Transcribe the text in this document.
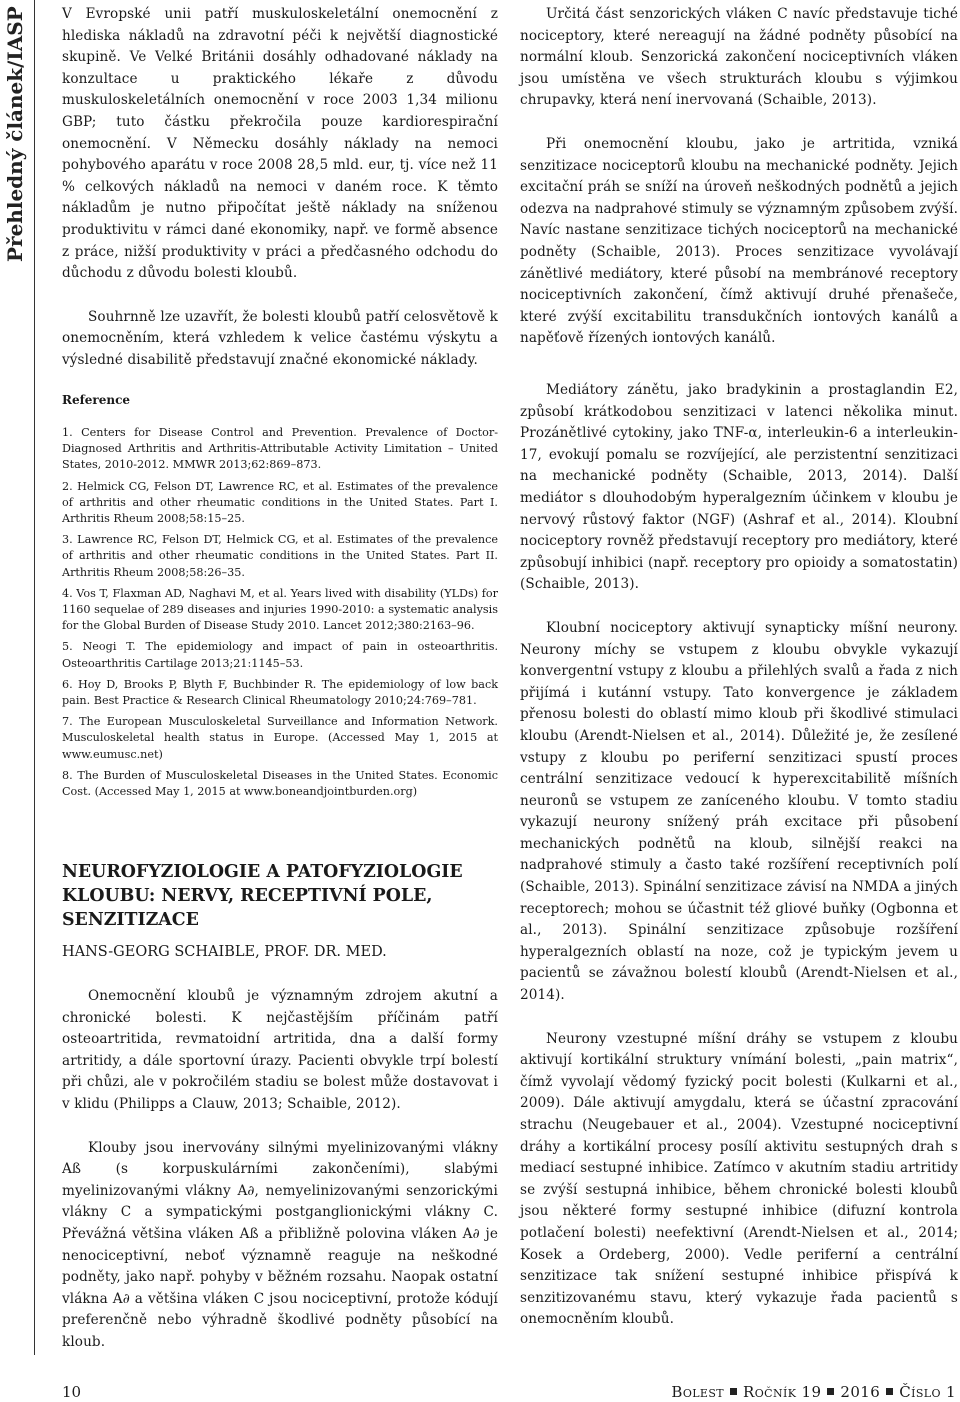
Přehledný článek/IASP	V Evropské unii patří muskuloskeletální onemocnění z hlediska nákladů na zdravotní péči k největší diagnostické skupině. Ve Velké Británii dosáhly odhadované náklady na konzultace u praktického lékaře z důvodu muskuloskeletálních onemocnění v roce 2003 1,34 milionu GBP; tuto částku překročila pouze kardiorespirační onemocnění. V Německu dosáhly náklady na nemoci pohybového aparátu v roce 2008 28,5 mld. eur, tj. více než 11 % celkových nákladů na nemoci v daném roce. K těmto nákladům je nutno připočítat ještě náklady na sníženou produktivitu v rámci dané ekonomiky, např. ve formě absence z práce, nižší produktivity v práci a předčasného odchodu do důchodu z důvodu bolesti kloubů.

Souhrnně lze uzavřít, že bolesti kloubů patří celosvětově k onemocněním, která vzhledem k velice častému výskytu a výsledné disabilitě představují značné ekonomické náklady.

Reference

1. Centers for Disease Control and Prevention. Prevalence of Doctor-Diagnosed Arthritis and Arthritis-Attributable Activity Limitation – United States, 2010-2012. MMWR 2013;62:869–873.

2. Helmick CG, Felson DT, Lawrence RC, et al. Estimates of the prevalence of arthritis and other rheumatic conditions in the United States. Part I. Arthritis Rheum 2008;58:15–25.

3. Lawrence RC, Felson DT, Helmick CG, et al. Estimates of the prevalence of arthritis and other rheumatic conditions in the United States. Part II. Arthritis Rheum 2008;58:26–35.

4. Vos T, Flaxman AD, Naghavi M, et al. Years lived with disability (YLDs) for 1160 sequelae of 289 diseases and injuries 1990-2010: a systematic analysis for the Global Burden of Disease Study 2010. Lancet 2012;380:2163–96.

5. Neogi T. The epidemiology and impact of pain in osteoarthritis. Osteoarthritis Cartilage 2013;21:1145–53.

6. Hoy D, Brooks P, Blyth F, Buchbinder R. The epidemiology of low back pain. Best Practice & Research Clinical Rheumatology 2010;24:769–781.

7. The European Musculoskeletal Surveillance and Information Network. Musculoskeletal health status in Europe. (Accessed May 1, 2015 at www.eumusc.net)

8. The Burden of Musculoskeletal Diseases in the United States. Economic Cost. (Accessed May 1, 2015 at www.boneandjointburden.org)

NEUROFYZIOLOGIE A PATOFYZIOLOGIE KLOUBU: NERVY, RECEPTIVNÍ POLE, SENZITIZACE

HANS-GEORG SCHAIBLE, PROF. DR. MED.

Onemocnění kloubů je významným zdrojem akutní a chronické bolesti. K nejčastějším příčinám patří osteoartritida, revmatoidní artritida, dna a další formy artritidy, a dále sportovní úrazy. Pacienti obvykle trpí bolestí při chůzi, ale v pokročilém stadiu se bolest může dostavovat i v klidu (Philipps a Clauw, 2013; Schaible, 2012).

Klouby jsou inervovány silnými myelinizovanými vlákny Aß (s korpuskulárními zakončeními), slabými myelinizovanými vlákny A∂, nemyelinizovanými senzorickými vlákny C a sympatickými postganglionickými vlákny C. Převážná většina vláken Aß a přibližně polovina vláken A∂ je nenociceptivní, neboť významně reaguje na neškodné podněty, jako např. pohyby v běžném rozsahu. Naopak ostatní vlákna A∂ a většina vláken C jsou nociceptivní, protože kódují preferenčně nebo výhradně škodlivé podněty působící na kloub.

Určitá část senzorických vláken C navíc představuje tiché nociceptory, které nereagují na žádné podněty působící na normální kloub. Senzorická zakončení nociceptivních vláken jsou umístěna ve všech strukturách kloubu s výjimkou chrupavky, která není inervovaná (Schaible, 2013).

Při onemocnění kloubu, jako je artritida, vzniká senzitizace nociceptorů kloubu na mechanické podněty. Jejich excitační práh se sníží na úroveň neškodných podnětů a jejich odezva na nadprahové stimuly se významným způsobem zvýší. Navíc nastane senzitizace tichých nociceptorů na mechanické podněty (Schaible, 2013). Proces senzitizace vyvolávají zánětlivé mediátory, které působí na membránové receptory nociceptivních zakončení, čímž aktivují druhé přenašeče, které zvýší excitabilitu transdukčních iontových kanálů a napěťově řízených iontových kanálů.

Mediátory zánětu, jako bradykinin a prostaglandin E2, způsobí krátkodobou senzitizaci v latenci několika minut. Prozánětlivé cytokiny, jako TNF-α, interleukin-6 a interleukin-17, evokují pomalu se rozvíjející, ale perzistentní senzitizaci na mechanické podněty (Schaible, 2013, 2014). Další mediátor s dlouhodobým hyperalgezním účinkem v kloubu je nervový růstový faktor (NGF) (Ashraf et al., 2014). Kloubní nociceptory rovněž představují receptory pro mediátory, které způsobují inhibici (např. receptory pro opioidy a somatostatin) (Schaible, 2013).

Kloubní nociceptory aktivují synapticky míšní neurony. Neurony míchy se vstupem z kloubu obvykle vykazují konvergentní vstupy z kloubu a přilehlých svalů a řada z nich přijímá i kutánní vstupy. Tato konvergence je základem přenosu bolesti do oblastí mimo kloub při škodlivé stimulaci kloubu (Arendt-Nielsen et al., 2014). Důležité je, že zesílené vstupy z kloubu po periferní senzitizaci spustí proces centrální senzitizace vedoucí k hyperexcitabilitě míšních neuronů se vstupem ze zaníceného kloubu. V tomto stadiu vykazují neurony snížený práh excitace při působení mechanických podnětů na kloub, silnější reakci na nadprahové stimuly a často také rozšíření receptivních polí (Schaible, 2013). Spinální senzitizace závisí na NMDA a jiných receptorech; mohou se účastnit též gliové buňky (Ogbonna et al., 2013). Spinální senzitizace způsobuje rozšíření hyperalgezních oblastí na noze, což je typickým jevem u pacientů se závažnou bolestí kloubů (Arendt-Nielsen et al., 2014).

Neurony vzestupné míšní dráhy se vstupem z kloubu aktivují kortikální struktury vnímání bolesti, „pain matrix“, čímž vyvolají vědomý fyzický pocit bolesti (Kulkarni et al., 2009). Dále aktivují amygdalu, která se účastní zpracování strachu (Neugebauer et al., 2004). Vzestupné nociceptivní dráhy a kortikální procesy posílí aktivitu sestupných drah s mediací sestupné inhibice. Zatímco v akutním stadiu artritidy se zvýší sestupná inhibice, během chronické bolesti kloubů jsou některé formy sestupné inhibice (difuzní kontrola potlačení bolesti) neefektivní (Arendt-Nielsen et al., 2014; Kosek a Ordeberg, 2000). Vedle periferní a centrální senzitizace tak snížení sestupné inhibice přispívá k senzitizovanému stavu, který vykazuje řada pacientů s onemocněním kloubů.

10	Bolest Ročník 19 2016 Číslo 1
